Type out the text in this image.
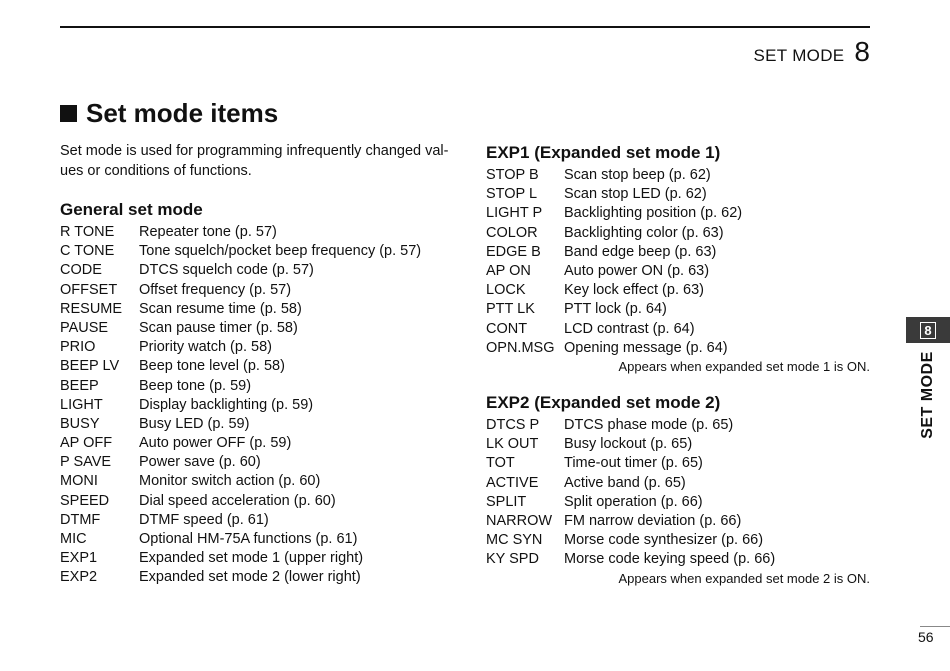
SET MODE 8
Set mode items
Set mode is used for programming infrequently changed val-ues or conditions of functions.
General set mode
R TONE	Repeater tone (p. 57)
C TONE	Tone squelch/pocket beep frequency (p. 57)
CODE	DTCS squelch code (p. 57)
OFFSET	Offset frequency (p. 57)
RESUME	Scan resume time (p. 58)
PAUSE	Scan pause timer (p. 58)
PRIO	Priority watch (p. 58)
BEEP LV	Beep tone level (p. 58)
BEEP	Beep tone (p. 59)
LIGHT	Display backlighting (p. 59)
BUSY	Busy LED (p. 59)
AP OFF	Auto power OFF (p. 59)
P SAVE	Power save (p. 60)
MONI	Monitor switch action (p. 60)
SPEED	Dial speed acceleration (p. 60)
DTMF	DTMF speed (p. 61)
MIC	Optional HM-75A functions (p. 61)
EXP1	Expanded set mode 1 (upper right)
EXP2	Expanded set mode 2 (lower right)
EXP1 (Expanded set mode 1)
STOP B	Scan stop beep (p. 62)
STOP L	Scan stop LED (p. 62)
LIGHT P	Backlighting position (p. 62)
COLOR	Backlighting color (p. 63)
EDGE B	Band edge beep (p. 63)
AP ON	Auto power ON (p. 63)
LOCK	Key lock effect (p. 63)
PTT LK	PTT lock (p. 64)
CONT	LCD contrast (p. 64)
OPN.MSG Opening message (p. 64)
Appears when expanded set mode 1 is ON.
EXP2 (Expanded set mode 2)
DTCS P	DTCS phase mode (p. 65)
LK OUT	Busy lockout (p. 65)
TOT	Time-out timer (p. 65)
ACTIVE	Active band (p. 65)
SPLIT	Split operation (p. 66)
NARROW FM narrow deviation (p. 66)
MC SYN	Morse code synthesizer (p. 66)
KY SPD	Morse code keying speed (p. 66)
Appears when expanded set mode 2 is ON.
8
SET MODE
56
